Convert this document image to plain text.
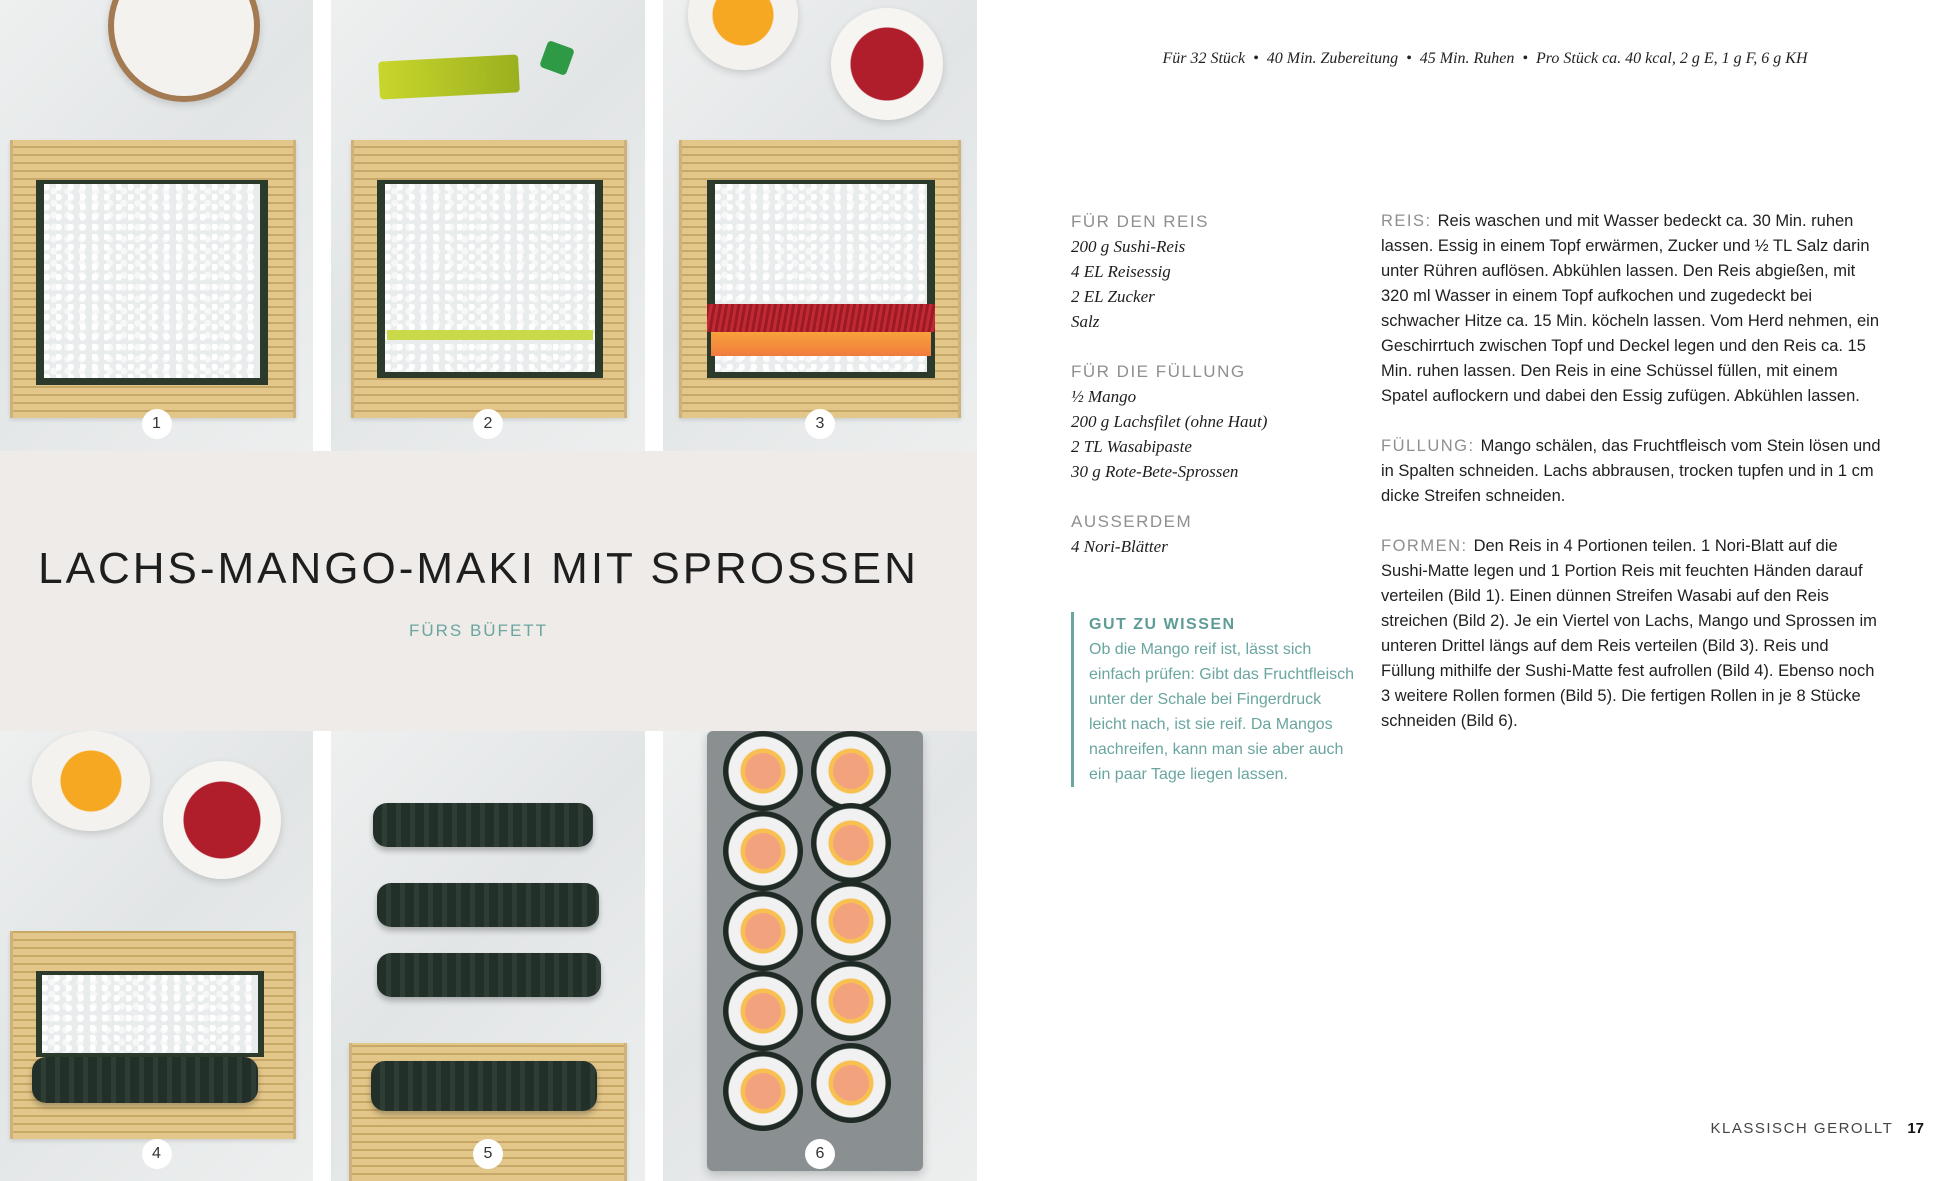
1	2	3
LACHS-MANGO-MAKI MIT SPROSSEN
FÜRS BÜFETT
4	5	6
Für 32 Stück • 40 Min. Zubereitung • 45 Min. Ruhen • Pro Stück ca. 40 kcal, 2 g E, 1 g F, 6 g KH
FÜR DEN REIS
200 g Sushi-Reis
4 EL Reisessig
2 EL Zucker
Salz
FÜR DIE FÜLLUNG
½ Mango
200 g Lachsfilet (ohne Haut)
2 TL Wasabipaste
30 g Rote-Bete-Sprossen
AUSSERDEM
4 Nori-Blätter
GUT ZU WISSEN
Ob die Mango reif ist, lässt sich einfach prüfen: Gibt das Fruchtfleisch unter der Schale bei Fingerdruck leicht nach, ist sie reif. Da Mangos nachreifen, kann man sie aber auch ein paar Tage liegen lassen.
REIS: Reis waschen und mit Wasser bedeckt ca. 30 Min. ruhen lassen. Essig in einem Topf erwärmen, Zucker und ½ TL Salz darin unter Rühren auflösen. Abkühlen lassen. Den Reis abgießen, mit 320 ml Wasser in einem Topf aufkochen und zugedeckt bei schwacher Hitze ca. 15 Min. köcheln lassen. Vom Herd nehmen, ein Geschirrtuch zwischen Topf und Deckel legen und den Reis ca. 15 Min. ruhen lassen. Den Reis in eine Schüssel füllen, mit einem Spatel auflockern und dabei den Essig zufügen. Abkühlen lassen.
FÜLLUNG: Mango schälen, das Fruchtfleisch vom Stein lösen und in Spalten schneiden. Lachs abbrausen, trocken tupfen und in 1 cm dicke Streifen schneiden.
FORMEN: Den Reis in 4 Portionen teilen. 1 Nori-Blatt auf die Sushi-Matte legen und 1 Portion Reis mit feuchten Händen darauf verteilen (Bild 1). Einen dünnen Streifen Wasabi auf den Reis streichen (Bild 2). Je ein Viertel von Lachs, Mango und Sprossen im unteren Drittel längs auf dem Reis verteilen (Bild 3). Reis und Füllung mithilfe der Sushi-Matte fest aufrollen (Bild 4). Ebenso noch 3 weitere Rollen formen (Bild 5). Die fertigen Rollen in je 8 Stücke schneiden (Bild 6).
KLASSISCH GEROLLT 17
